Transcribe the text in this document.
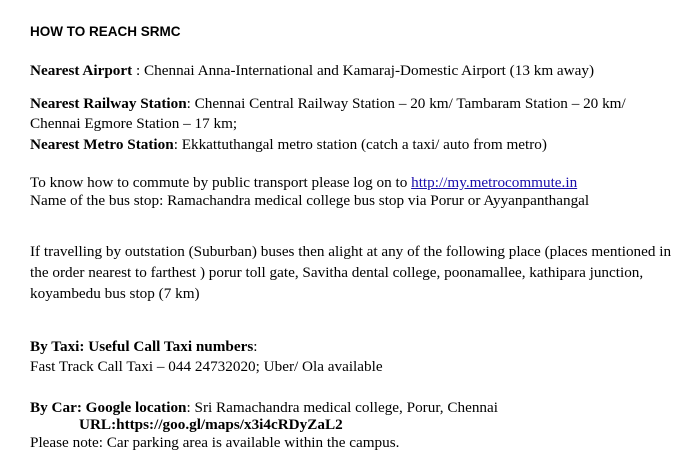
HOW TO REACH SRMC
Nearest Airport : Chennai Anna-International and Kamaraj-Domestic Airport (13 km away)
Nearest Railway Station: Chennai Central Railway Station – 20 km/ Tambaram Station – 20 km/
Chennai Egmore Station – 17 km;
Nearest Metro Station: Ekkattuthangal metro station (catch a taxi/ auto from metro)
To know how to commute by public transport please log on to http://my.metrocommute.in
Name of the bus stop: Ramachandra medical college bus stop via Porur or Ayyanpanthangal
If travelling by outstation (Suburban) buses then alight at any of the following place (places mentioned in the order nearest to farthest ) porur toll gate, Savitha dental college, poonamallee, kathipara junction, koyambedu bus stop (7 km)
By Taxi: Useful Call Taxi numbers:
Fast Track Call Taxi – 044 24732020; Uber/ Ola available
By Car: Google location: Sri Ramachandra medical college, Porur, Chennai
URL:https://goo.gl/maps/x3i4cRDyZaL2
Please note: Car parking area is available within the campus.
